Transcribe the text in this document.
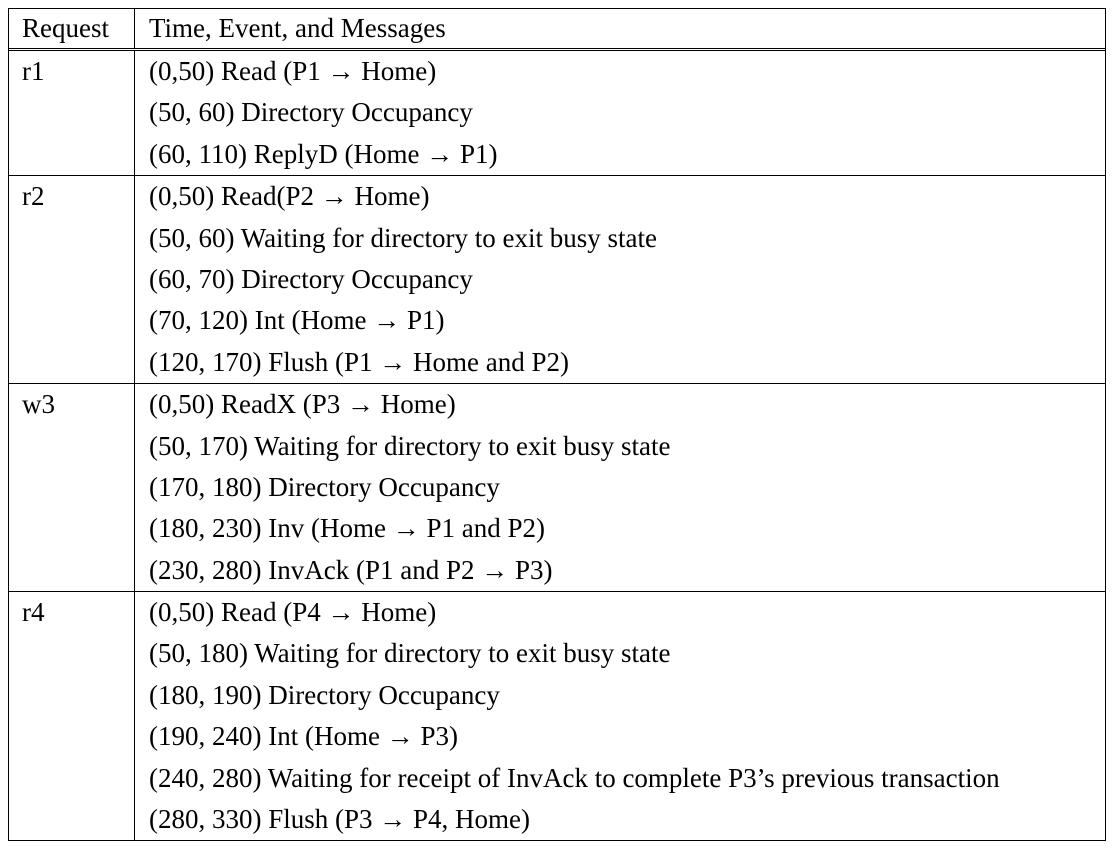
Request	Time, Event, and Messages
r1	(0,50) Read (P1 → Home)
(50, 60) Directory Occupancy
(60, 110) ReplyD (Home → P1)
r2	(0,50) Read(P2 → Home)
(50, 60) Waiting for directory to exit busy state
(60, 70) Directory Occupancy
(70, 120) Int (Home → P1)
(120, 170) Flush (P1 → Home and P2)
w3	(0,50) ReadX (P3 → Home)
(50, 170) Waiting for directory to exit busy state
(170, 180) Directory Occupancy
(180, 230) Inv (Home → P1 and P2)
(230, 280) InvAck (P1 and P2 → P3)
r4	(0,50) Read (P4 → Home)
(50, 180) Waiting for directory to exit busy state
(180, 190) Directory Occupancy
(190, 240) Int (Home → P3)
(240, 280) Waiting for receipt of InvAck to complete P3’s previous transaction
(280, 330) Flush (P3 → P4, Home)
